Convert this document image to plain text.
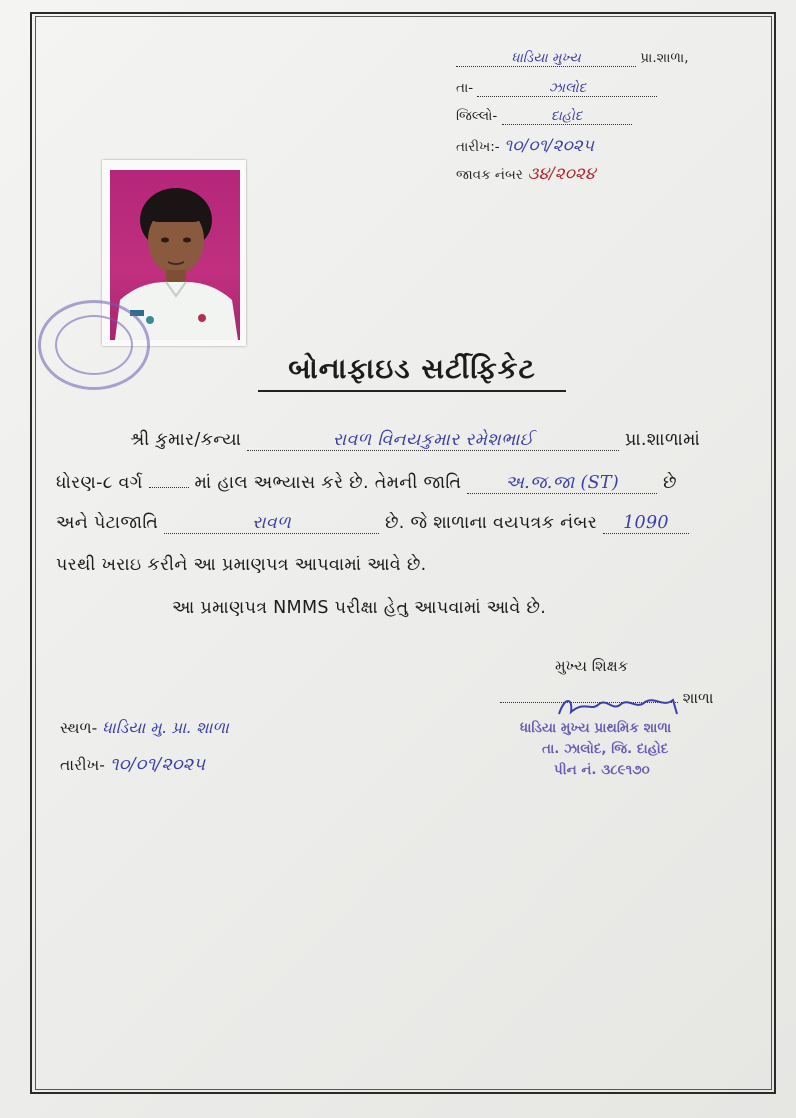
ધાડિયા મુખ્ય	પ્રા.શાળા,
તા-	ઝાલોદ
જિલ્લો-	દાહોદ
તારીખ:- ૧૦/૦૧/૨૦૨૫
જાવક નંબર ૩૪/૨૦૨૪
બોનાફાઇડ સર્ટીફિકેટ
શ્રી કુમાર/કન્યા	રાવળ વિનયકુમાર રમેશભાઈ	પ્રા.શાળામાં
ધોરણ-૮ વર્ગ	માં હાલ અભ્યાસ કરે છે. તેમની જાતિ	અ.જ.જા (ST)	છે
અને પેટાજાતિ	રાવળ	છે. જે શાળાના વયપત્રક નંબર 1090
પરથી ખરાઇ કરીને આ પ્રમાણપત્ર આપવામાં આવે છે.
આ પ્રમાણપત્ર NMMS પરીક્ષા હેતુ આપવામાં આવે છે.
મુખ્ય શિક્ષક
શાળા
ધાડિયા મુખ્ય પ્રાથમિક શાળા
તા. ઝાલોદ, જિ. દાહોદ
પીન નં. ૩૮૯૧૭૦
સ્થળ- ધાડિયા મુ. પ્રા. શાળા
તારીખ- ૧૦/૦૧/૨૦૨૫
